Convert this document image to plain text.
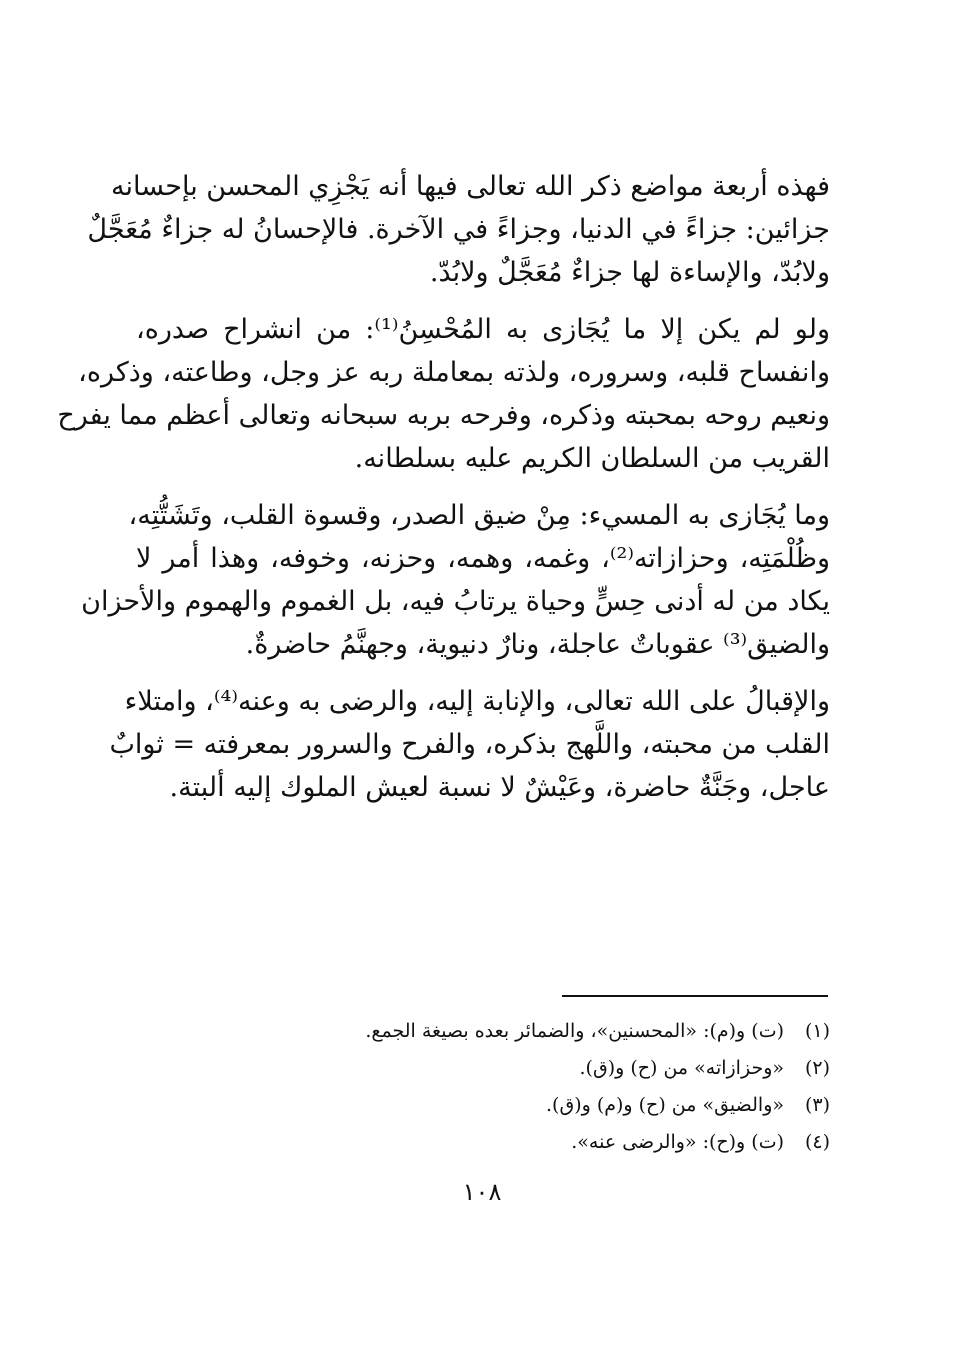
فهذه أربعة مواضع ذكر الله تعالى فيها أنه يَجْزِي المحسن بإحسانه
جزائين: جزاءً في الدنيا، وجزاءً في الآخرة. فالإحسانُ له جزاءٌ مُعَجَّلٌ
ولابُدّ، والإساءة لها جزاءٌ مُعَجَّلٌ ولابُدّ.

ولو لم يكن إلا ما يُجَازى به المُحْسِنُ⁽¹⁾: من انشراح صدره،
وانفساح قلبه، وسروره، ولذته بمعاملة ربه عز وجل، وطاعته، وذكره،
ونعيم روحه بمحبته وذكره، وفرحه بربه سبحانه وتعالى أعظم مما يفرح
القريب من السلطان الكريم عليه بسلطانه.

وما يُجَازى به المسيء: مِنْ ضيق الصدر، وقسوة القلب، وتَشَتُّتِه،
وظُلْمَتِه، وحزازاته⁽²⁾، وغمه، وهمه، وحزنه، وخوفه، وهذا أمر لا
يكاد من له أدنى حِسٍّ وحياة يرتابُ فيه، بل الغموم والهموم والأحزان
والضيق⁽³⁾ عقوباتٌ عاجلة، ونارٌ دنيوية، وجهنَّمُ حاضرةٌ.

والإقبالُ على الله تعالى، والإنابة إليه، والرضى به وعنه⁽⁴⁾، وامتلاء
القلب من محبته، واللَّهج بذكره، والفرح والسرور بمعرفته = ثوابٌ
عاجل، وجَنَّةٌ حاضرة، وعَيْشٌ لا نسبة لعيش الملوك إليه ألبتة.

(١)(ت) و(م): «المحسنين»، والضمائر بعده بصيغة الجمع.
(٢)«وحزازاته» من (ح) و(ق).
(٣)«والضيق» من (ح) و(م) و(ق).
(٤)(ت) و(ح): «والرضى عنه».
١٠٨
